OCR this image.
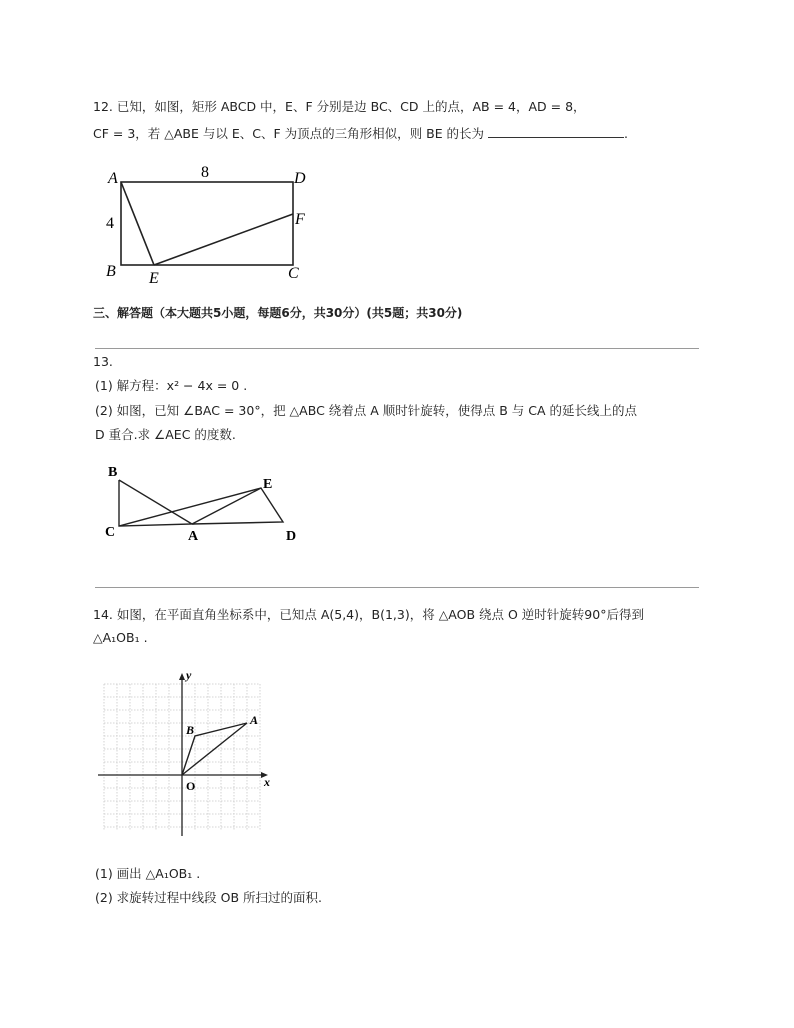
12. 已知，如图，矩形 ABCD 中，E、F 分别是边 BC、CD 上的点，AB = 4，AD = 8，
CF = 3，若 △ABE 与以 E、C、F 为顶点的三角形相似，则 BE 的长为	.
A
B E	C
D
F
8
4
三、解答题（本大题共5小题，每题6分，共30分）(共5题；共30分)
13.
(1) 解方程：x² − 4x = 0 .
(2) 如图，已知 ∠BAC = 30°，把 △ABC 绕着点 A 顺时针旋转，使得点 B 与 CA 的延长线上的点
D 重合.求 ∠AEC 的度数.
B
C	A	D
E
14. 如图，在平面直角坐标系中，已知点 A(5,4)，B(1,3)，将 △AOB 绕点 O 逆时针旋转90°后得到
△A₁OB₁ .
x
y
O
A
B
(1) 画出 △A₁OB₁ .
(2) 求旋转过程中线段 OB 所扫过的面积.
